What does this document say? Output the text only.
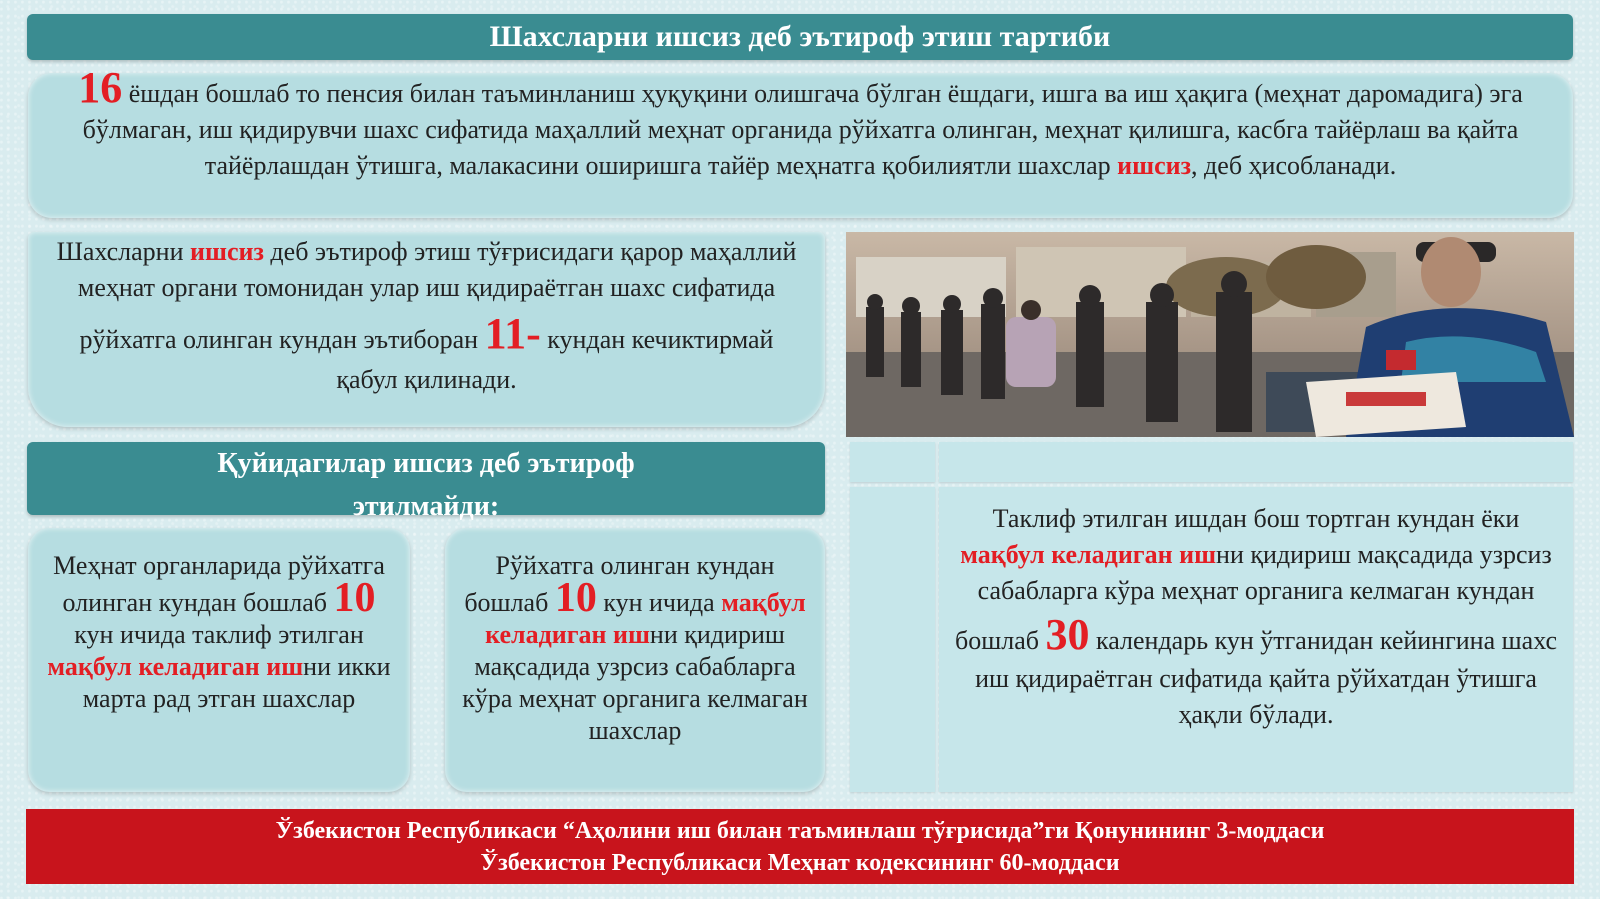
Шахсларни ишсиз деб эътироф этиш тартиби

16 ёшдан бошлаб то пенсия билан таъминланиш ҳуқуқини олишгача бўлган ёшдаги, ишга ва иш ҳақига (меҳнат даромадига) эга бўлмаган, иш қидирувчи шахс сифатида маҳаллий меҳнат органида рўйхатга олинган, меҳнат қилишга, касбга тайёрлаш ва қайта тайёрлашдан ўтишга, малакасини оширишга тайёр меҳнатга қобилиятли шахслар ишсиз, деб ҳисобланади.

Шахсларни ишсиз деб эътироф этиш тўғрисидаги қарор маҳаллий меҳнат органи томонидан улар иш қидираётган шахс сифатида рўйхатга олинган кундан эътиборан 11- кундан кечиктирмай қабул қилинади.

Қуйидагилар ишсиз деб эътироф этилмайди:

Меҳнат органларида рўйхатга олинган кундан бошлаб 10 кун ичида таклиф этилган мақбул келадиган ишни икки марта рад этган шахслар

Рўйхатга олинган кундан бошлаб 10 кун ичида мақбул келадиган ишни қидириш мақсадида узрсиз сабабларга кўра меҳнат органига келмаган шахслар

Таклиф этилган ишдан бош тортган кундан ёки мақбул келадиган ишни қидириш мақсадида узрсиз сабабларга кўра меҳнат органига келмаган кундан бошлаб 30 календарь кун ўтганидан кейингина шахс иш қидираётган сифатида қайта рўйхатдан ўтишга ҳақли бўлади.

Ўзбекистон Республикаси “Аҳолини иш билан таъминлаш тўғрисида”ги Қонунининг 3-моддаси

Ўзбекистон Республикаси Меҳнат кодексининг 60-моддаси
